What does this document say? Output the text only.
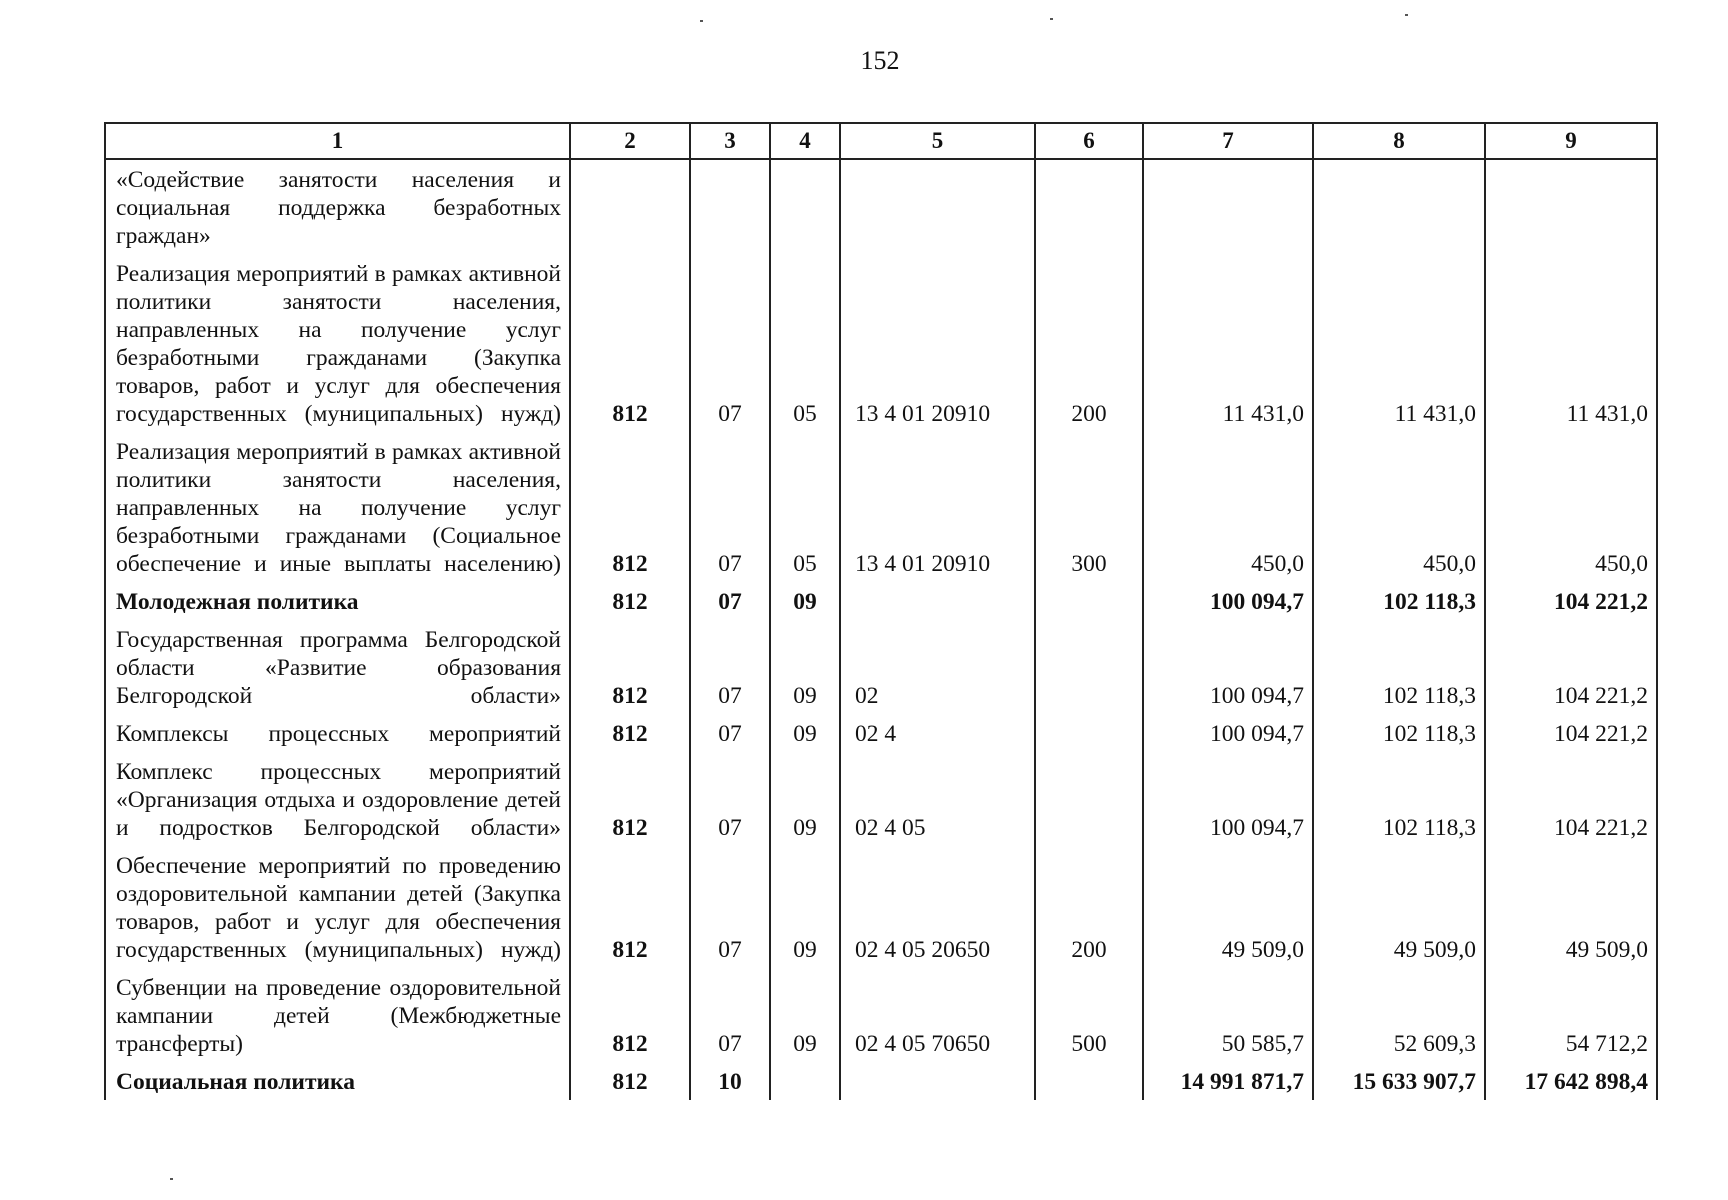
152
1	2	3	4	5	6	7	8	9

«Содействие занятости населения и социальная поддержка безработных граждан»								

Реализация мероприятий в рамках активной политики занятости населения, направленных на получение услуг безработными гражданами (Закупка товаров, работ и услуг для обеспечения государственных (муниципальных) нужд)	812	07	05	13 4 01 20910	200	11 431,0	11 431,0	11 431,0

Реализация мероприятий в рамках активной политики занятости населения, направленных на получение услуг безработными гражданами (Социальное обеспечение и иные выплаты населению)	812	07	05	13 4 01 20910	300	450,0	450,0	450,0

Молодежная политика	812	07	09			100 094,7	102 118,3	104 221,2

Государственная программа Белгородской области «Развитие образования Белгородской области»	812	07	09	02		100 094,7	102 118,3	104 221,2

Комплексы процессных мероприятий	812	07	09	02 4		100 094,7	102 118,3	104 221,2

Комплекс процессных мероприятий «Организация отдыха и оздоровление детей и подростков Белгородской области»	812	07	09	02 4 05		100 094,7	102 118,3	104 221,2

Обеспечение мероприятий по проведению оздоровительной кампании детей (Закупка товаров, работ и услуг для обеспечения государственных (муниципальных) нужд)	812	07	09	02 4 05 20650	200	49 509,0	49 509,0	49 509,0

Субвенции на проведение оздоровительной кампании детей (Межбюджетные трансферты)	812	07	09	02 4 05 70650	500	50 585,7	52 609,3	54 712,2

Социальная политика	812	10				14 991 871,7	15 633 907,7	17 642 898,4
